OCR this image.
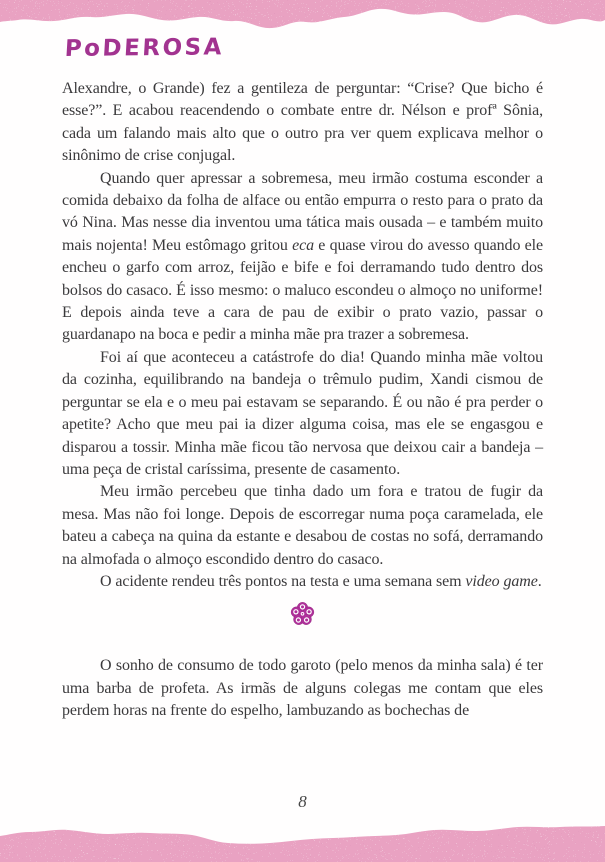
PoDEROSA

Alexandre, o Grande) fez a gentileza de perguntar: “Crise? Que bicho é esse?”. E acabou reacendendo o combate entre dr. Nélson e profª Sônia, cada um falando mais alto que o outro pra ver quem explicava melhor o sinônimo de crise conjugal.

Quando quer apressar a sobremesa, meu irmão costuma esconder a comida debaixo da folha de alface ou então empurra o resto para o prato da vó Nina. Mas nesse dia inventou uma tática mais ousada – e também muito mais nojenta! Meu estômago gritou eca e quase virou do avesso quando ele encheu o garfo com arroz, feijão e bife e foi derramando tudo dentro dos bolsos do casaco. É isso mesmo: o maluco escondeu o almoço no uniforme! E depois ainda teve a cara de pau de exibir o prato vazio, passar o guardanapo na boca e pedir a minha mãe pra trazer a sobremesa.

Foi aí que aconteceu a catástrofe do dia! Quando minha mãe voltou da cozinha, equilibrando na bandeja o trêmulo pudim, Xandi cismou de perguntar se ela e o meu pai estavam se separando. É ou não é pra perder o apetite? Acho que meu pai ia dizer alguma coisa, mas ele se engasgou e disparou a tossir. Minha mãe ficou tão nervosa que deixou cair a bandeja – uma peça de cristal caríssima, presente de casamento.

Meu irmão percebeu que tinha dado um fora e tratou de fugir da mesa. Mas não foi longe. Depois de escorregar numa poça caramelada, ele bateu a cabeça na quina da estante e desabou de costas no sofá, derramando na almofada o almoço escondido dentro do casaco.

O acidente rendeu três pontos na testa e uma semana sem video game.

O sonho de consumo de todo garoto (pelo menos da minha sala) é ter uma barba de profeta. As irmãs de alguns colegas me contam que eles perdem horas na frente do espelho, lambuzando as bochechas de

8
